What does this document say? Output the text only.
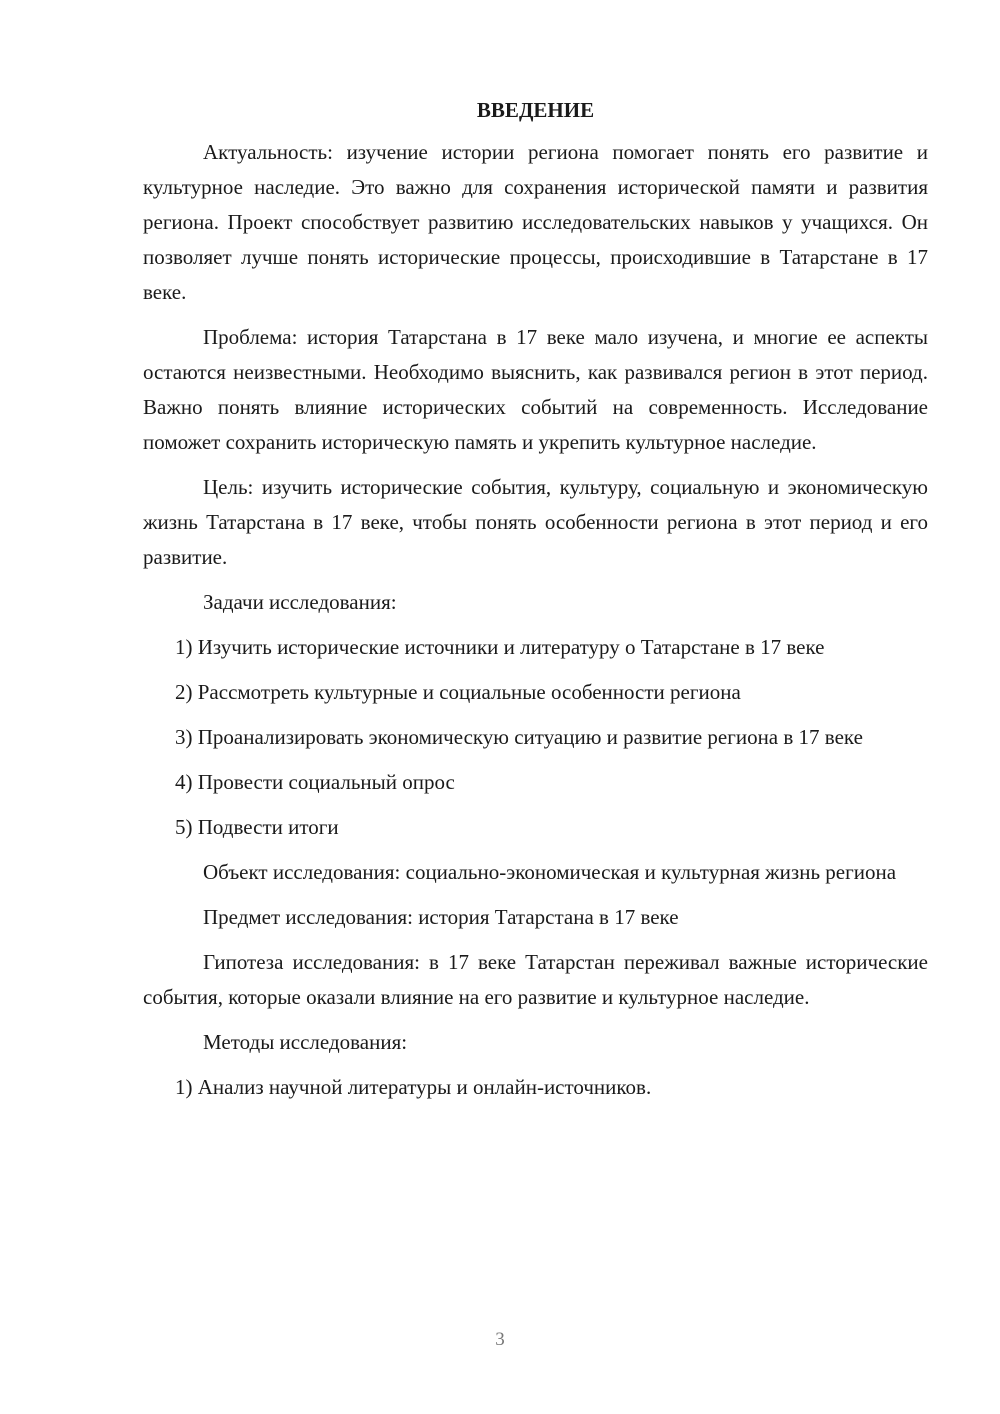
ВВЕДЕНИЕ

Актуальность: изучение истории региона помогает понять его развитие и культурное наследие. Это важно для сохранения исторической памяти и развития региона. Проект способствует развитию исследовательских навыков у учащихся. Он позволяет лучше понять исторические процессы, происходившие в Татарстане в 17 веке.

Проблема: история Татарстана в 17 веке мало изучена, и многие ее аспекты остаются неизвестными. Необходимо выяснить, как развивался регион в этот период. Важно понять влияние исторических событий на современность. Исследование поможет сохранить историческую память и укрепить культурное наследие.

Цель: изучить исторические события, культуру, социальную и экономическую жизнь Татарстана в 17 веке, чтобы понять особенности региона в этот период и его развитие.

Задачи исследования:

1) Изучить исторические источники и литературу о Татарстане в 17 веке

2) Рассмотреть культурные и социальные особенности региона

3) Проанализировать экономическую ситуацию и развитие региона в 17 веке

4) Провести социальный опрос

5) Подвести итоги

Объект исследования: социально-экономическая и культурная жизнь региона

Предмет исследования: история Татарстана в 17 веке

Гипотеза исследования: в 17 веке Татарстан переживал важные исторические события, которые оказали влияние на его развитие и культурное наследие.

Методы исследования:

1) Анализ научной литературы и онлайн-источников.

3
